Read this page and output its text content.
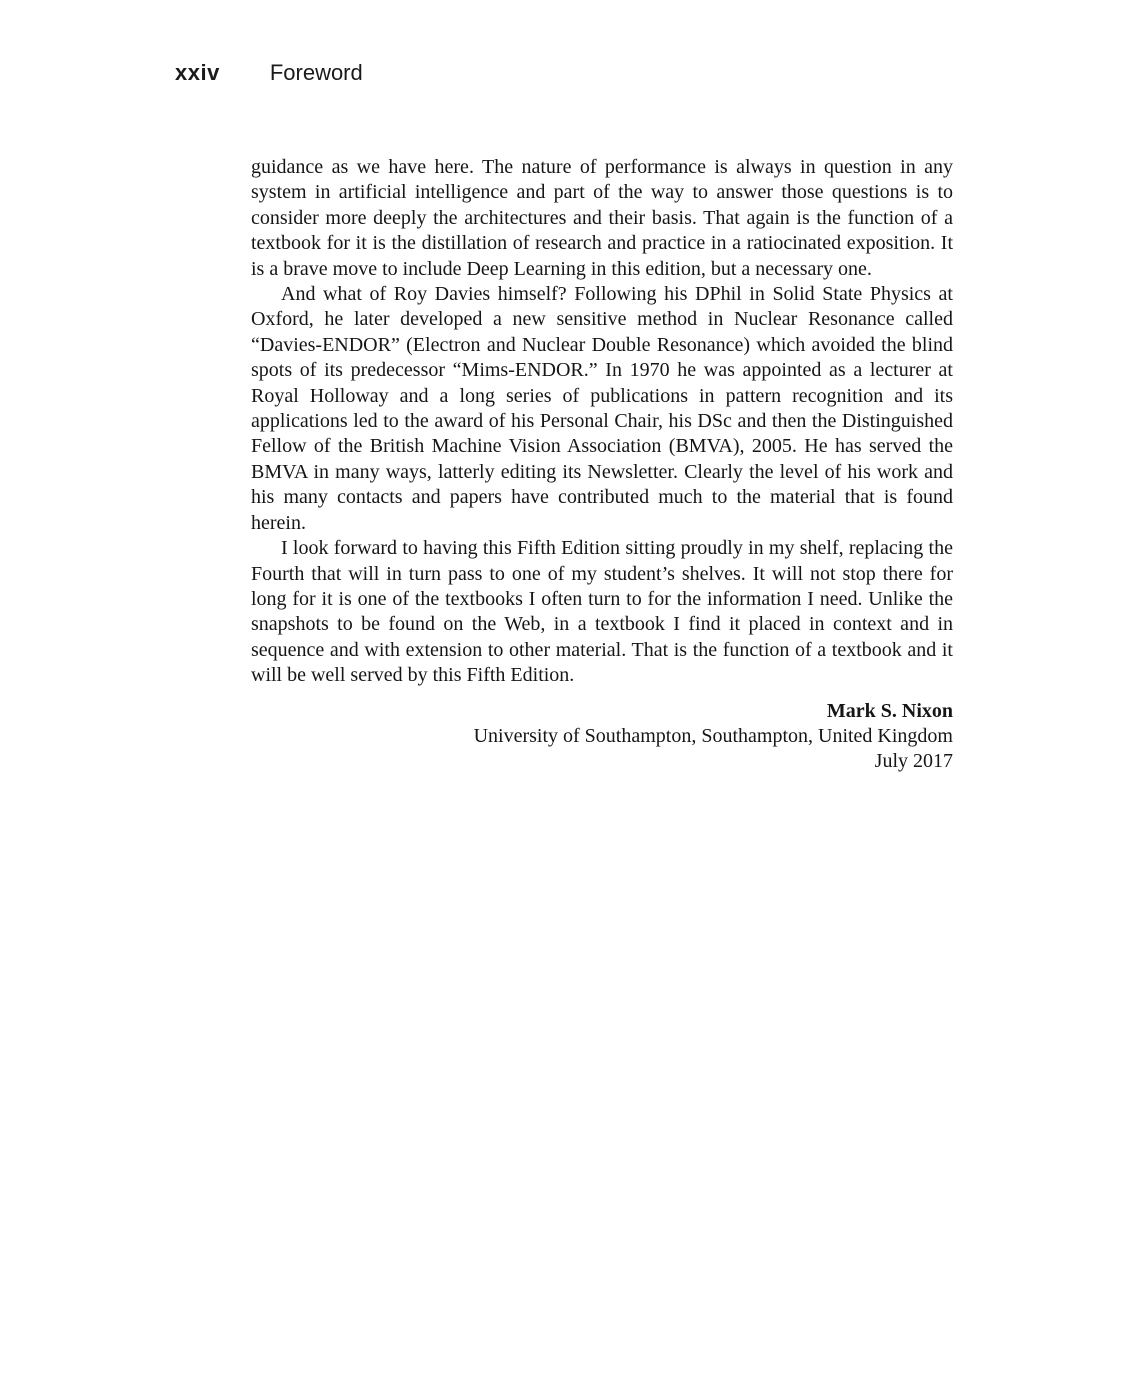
xxiv Foreword

guidance as we have here. The nature of performance is always in question in any system in artificial intelligence and part of the way to answer those questions is to consider more deeply the architectures and their basis. That again is the function of a textbook for it is the distillation of research and practice in a ratiocinated exposition. It is a brave move to include Deep Learning in this edition, but a necessary one.

And what of Roy Davies himself? Following his DPhil in Solid State Physics at Oxford, he later developed a new sensitive method in Nuclear Resonance called “Davies-ENDOR” (Electron and Nuclear Double Resonance) which avoided the blind spots of its predecessor “Mims-ENDOR.” In 1970 he was appointed as a lecturer at Royal Holloway and a long series of publications in pattern recognition and its applications led to the award of his Personal Chair, his DSc and then the Distinguished Fellow of the British Machine Vision Association (BMVA), 2005. He has served the BMVA in many ways, latterly editing its Newsletter. Clearly the level of his work and his many contacts and papers have contributed much to the material that is found herein.

I look forward to having this Fifth Edition sitting proudly in my shelf, replacing the Fourth that will in turn pass to one of my student’s shelves. It will not stop there for long for it is one of the textbooks I often turn to for the information I need. Unlike the snapshots to be found on the Web, in a textbook I find it placed in context and in sequence and with extension to other material. That is the function of a textbook and it will be well served by this Fifth Edition.

Mark S. Nixon
University of Southampton, Southampton, United Kingdom
July 2017
